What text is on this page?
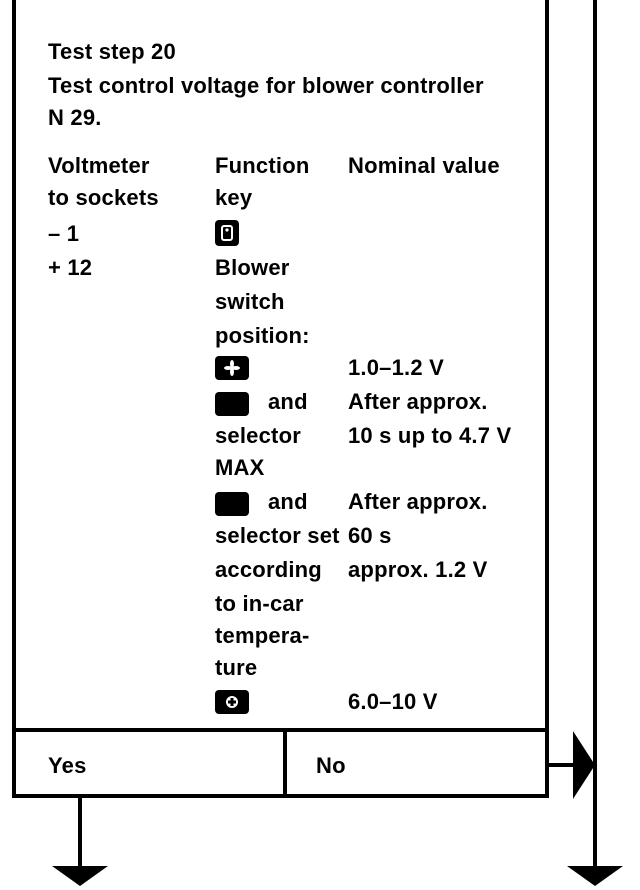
Test step 20
Test control voltage for blower controller
N 29.
Voltmeter
to sockets
Function
key
Nominal value
– 1
+ 12	Blower
switch
position:
1.0–1.2 V
and
selector
MAX
After approx.
10 s up to 4.7 V
and
selector set
according
to in-car
tempera-
ture
After approx.
60 s
approx. 1.2 V
6.0–10 V
Yes	No
